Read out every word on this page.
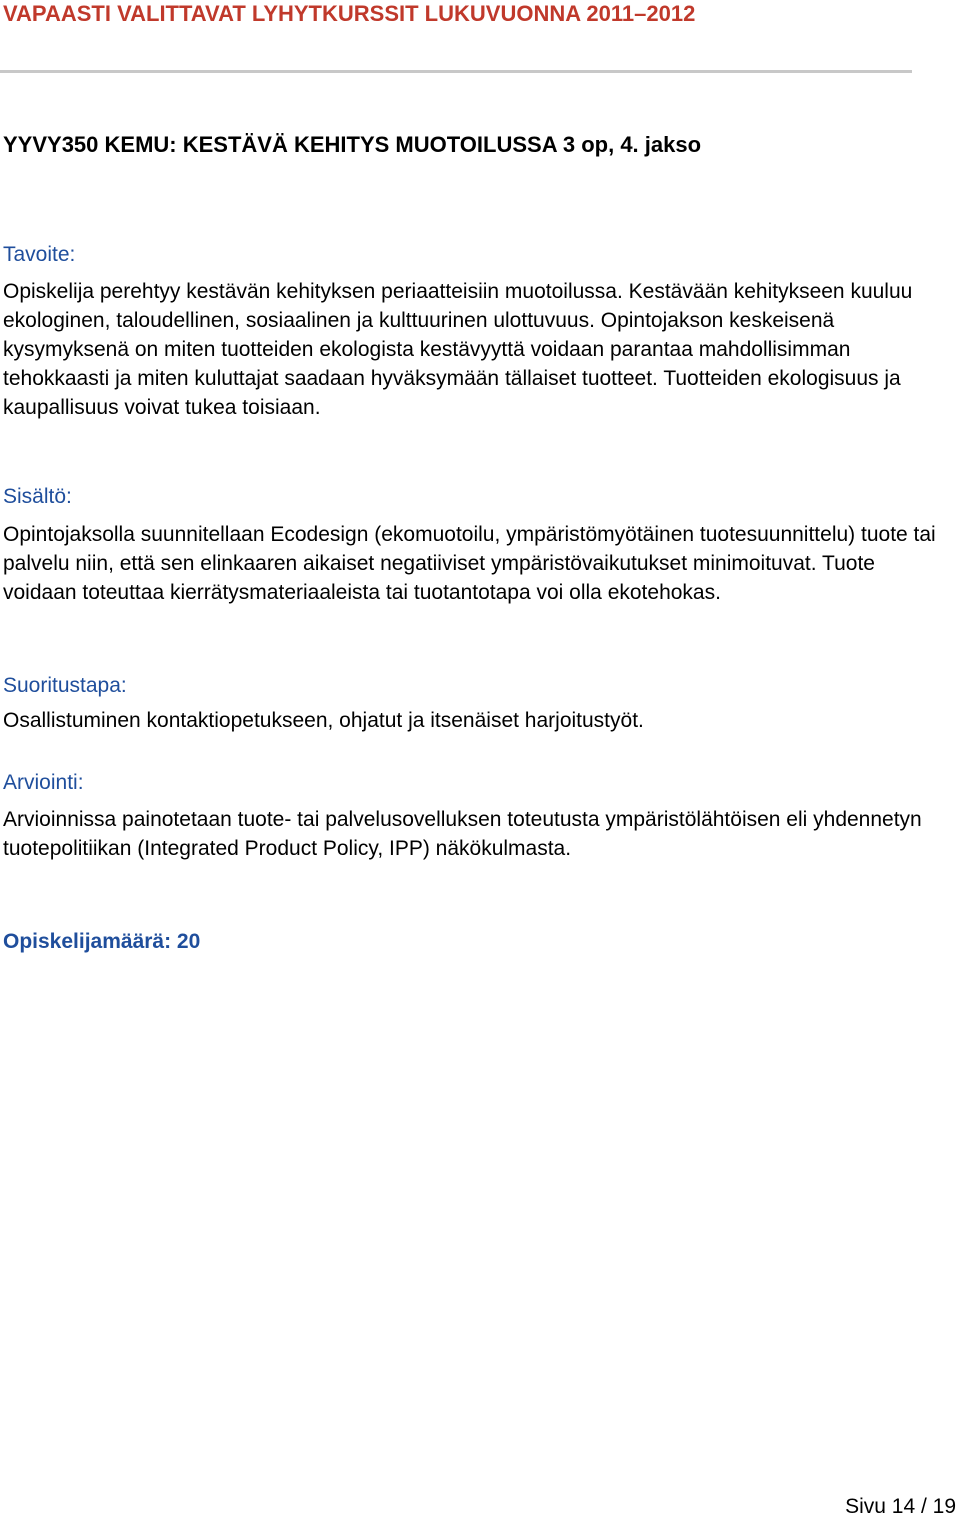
VAPAASTI VALITTAVAT LYHYTKURSSIT LUKUVUONNA 2011–2012
YYVY350 KEMU: KESTÄVÄ KEHITYS MUOTOILUSSA 3 op, 4. jakso
Tavoite:

Opiskelija perehtyy kestävän kehityksen periaatteisiin muotoilussa. Kestävään kehitykseen kuuluu ekologinen, taloudellinen, sosiaalinen ja kulttuurinen ulottuvuus. Opintojakson keskeisenä kysymyksenä on miten tuotteiden ekologista kestävyyttä voidaan parantaa mahdollisimman tehokkaasti ja miten kuluttajat saadaan hyväksymään tällaiset tuotteet. Tuotteiden ekologisuus ja kaupallisuus voivat tukea toisiaan.

Sisältö:

Opintojaksolla suunnitellaan Ecodesign (ekomuotoilu, ympäristömyötäinen tuotesuunnittelu) tuote tai palvelu niin, että sen elinkaaren aikaiset negatiiviset ympäristövaikutukset minimoituvat. Tuote voidaan toteuttaa kierrätysmateriaaleista tai tuotantotapa voi olla ekotehokas.

Suoritustapa:

Osallistuminen kontaktiopetukseen, ohjatut ja itsenäiset harjoitustyöt.

Arviointi:

Arvioinnissa painotetaan tuote- tai palvelusovelluksen toteutusta ympäristölähtöisen eli yhdennetyn tuotepolitiikan (Integrated Product Policy, IPP) näkökulmasta.

Opiskelijamäärä: 20
Sivu 14 / 19
